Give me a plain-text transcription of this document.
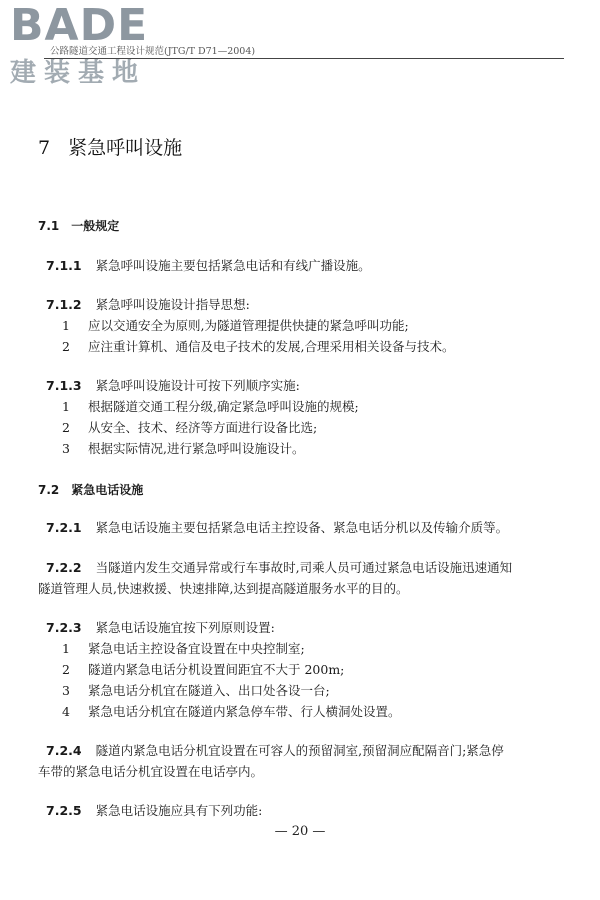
BADE
建装基地
公路隧道交通工程设计规范(JTG/T D71—2004)
7 紧急呼叫设施
7.1 一般规定
7.1.1 紧急呼叫设施主要包括紧急电话和有线广播设施。
7.1.2 紧急呼叫设施设计指导思想:
1 应以交通安全为原则,为隧道管理提供快捷的紧急呼叫功能;
2 应注重计算机、通信及电子技术的发展,合理采用相关设备与技术。
7.1.3 紧急呼叫设施设计可按下列顺序实施:
1 根据隧道交通工程分级,确定紧急呼叫设施的规模;
2 从安全、技术、经济等方面进行设备比选;
3 根据实际情况,进行紧急呼叫设施设计。
7.2 紧急电话设施
7.2.1 紧急电话设施主要包括紧急电话主控设备、紧急电话分机以及传输介质等。
7.2.2 当隧道内发生交通异常或行车事故时,司乘人员可通过紧急电话设施迅速通知
隧道管理人员,快速救援、快速排障,达到提高隧道服务水平的目的。
7.2.3 紧急电话设施宜按下列原则设置:
1 紧急电话主控设备宜设置在中央控制室;
2 隧道内紧急电话分机设置间距宜不大于 200m;
3 紧急电话分机宜在隧道入、出口处各设一台;
4 紧急电话分机宜在隧道内紧急停车带、行人横洞处设置。
7.2.4 隧道内紧急电话分机宜设置在可容人的预留洞室,预留洞应配隔音门;紧急停
车带的紧急电话分机宜设置在电话亭内。
7.2.5 紧急电话设施应具有下列功能:
— 20 —
